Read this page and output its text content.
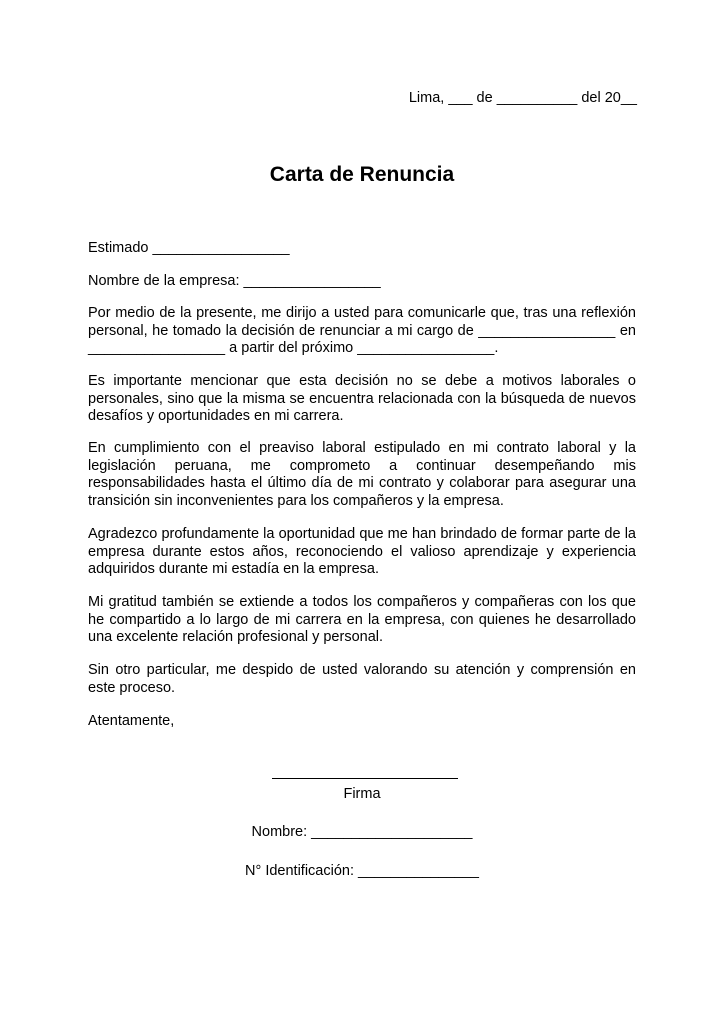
Lima, ___ de __________ del 20__
Carta de Renuncia
Estimado _________________
Nombre de la empresa: _________________
Por medio de la presente, me dirijo a usted para comunicarle que, tras una reflexión personal, he tomado la decisión de renunciar a mi cargo de _________________ en _________________ a partir del próximo _________________.
Es importante mencionar que esta decisión no se debe a motivos laborales o personales, sino que la misma se encuentra relacionada con la búsqueda de nuevos desafíos y oportunidades en mi carrera.
En cumplimiento con el preaviso laboral estipulado en mi contrato laboral y la legislación peruana, me comprometo a continuar desempeñando mis responsabilidades hasta el último día de mi contrato y colaborar para asegurar una transición sin inconvenientes para los compañeros y la empresa.
Agradezco profundamente la oportunidad que me han brindado de formar parte de la empresa durante estos años, reconociendo el valioso aprendizaje y experiencia adquiridos durante mi estadía en la empresa.
Mi gratitud también se extiende a todos los compañeros y compañeras con los que he compartido a lo largo de mi carrera en la empresa, con quienes he desarrollado una excelente relación profesional y personal.
Sin otro particular, me despido de usted valorando su atención y comprensión en este proceso.
Atentamente,
Firma
Nombre: ____________________
N° Identificación: _______________
